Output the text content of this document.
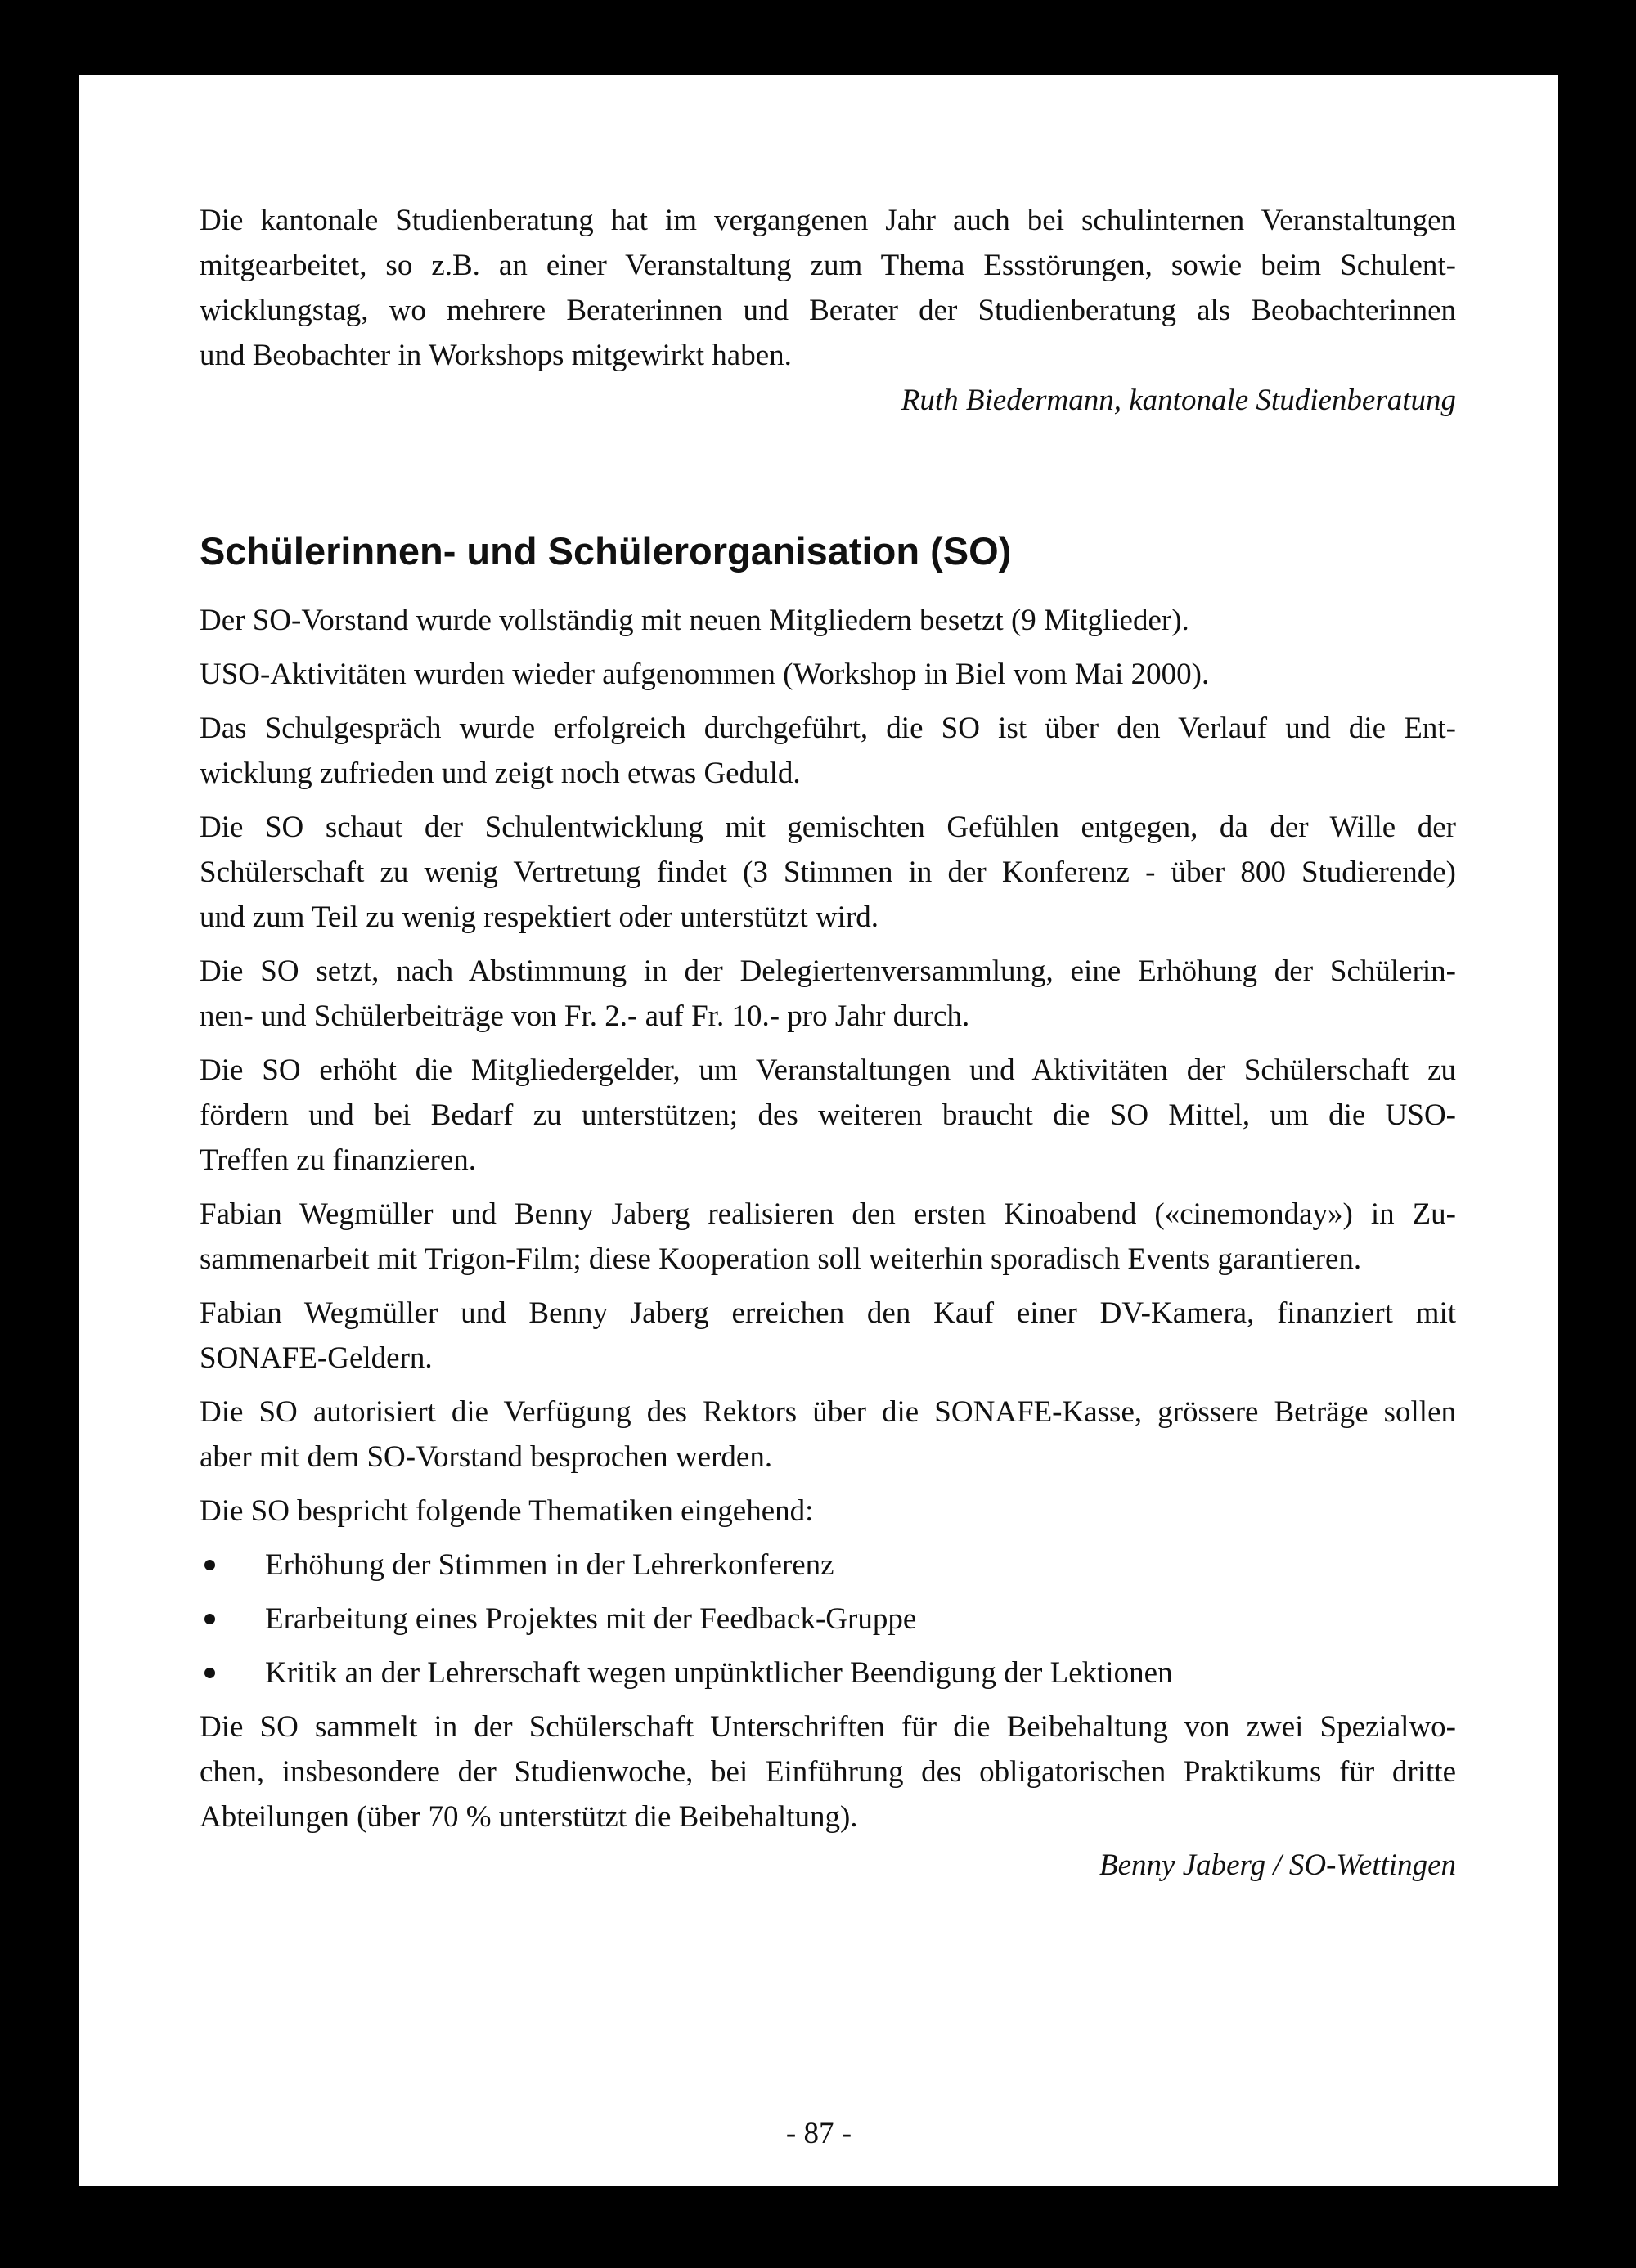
Die kantonale Studienberatung hat im vergangenen Jahr auch bei schulinternen Veranstaltungen
mitgearbeitet, so z.B. an einer Veranstaltung zum Thema Essstörungen, sowie beim Schulent-
wicklungstag, wo mehrere Beraterinnen und Berater der Studienberatung als Beobachterinnen
und Beobachter in Workshops mitgewirkt haben.
Ruth Biedermann, kantonale Studienberatung
Schülerinnen- und Schülerorganisation (SO)
Der SO-Vorstand wurde vollständig mit neuen Mitgliedern besetzt (9 Mitglieder).
USO-Aktivitäten wurden wieder aufgenommen (Workshop in Biel vom Mai 2000).
Das Schulgespräch wurde erfolgreich durchgeführt, die SO ist über den Verlauf und die Ent-
wicklung zufrieden und zeigt noch etwas Geduld.
Die SO schaut der Schulentwicklung mit gemischten Gefühlen entgegen, da der Wille der
Schülerschaft zu wenig Vertretung findet (3 Stimmen in der Konferenz - über 800 Studierende)
und zum Teil zu wenig respektiert oder unterstützt wird.
Die SO setzt, nach Abstimmung in der Delegiertenversammlung, eine Erhöhung der Schülerin-
nen- und Schülerbeiträge von Fr. 2.- auf Fr. 10.- pro Jahr durch.
Die SO erhöht die Mitgliedergelder, um Veranstaltungen und Aktivitäten der Schülerschaft zu
fördern und bei Bedarf zu unterstützen; des weiteren braucht die SO Mittel, um die USO-
Treffen zu finanzieren.
Fabian Wegmüller und Benny Jaberg realisieren den ersten Kinoabend («cinemonday») in Zu-
sammenarbeit mit Trigon-Film; diese Kooperation soll weiterhin sporadisch Events garantieren.
Fabian Wegmüller und Benny Jaberg erreichen den Kauf einer DV-Kamera, finanziert mit
SONAFE-Geldern.
Die SO autorisiert die Verfügung des Rektors über die SONAFE-Kasse, grössere Beträge sollen
aber mit dem SO-Vorstand besprochen werden.
Die SO bespricht folgende Thematiken eingehend:
Erhöhung der Stimmen in der Lehrerkonferenz
Erarbeitung eines Projektes mit der Feedback-Gruppe
Kritik an der Lehrerschaft wegen unpünktlicher Beendigung der Lektionen
Die SO sammelt in der Schülerschaft Unterschriften für die Beibehaltung von zwei Spezialwo-
chen, insbesondere der Studienwoche, bei Einführung des obligatorischen Praktikums für dritte
Abteilungen (über 70 % unterstützt die Beibehaltung).
Benny Jaberg / SO-Wettingen
- 87 -
